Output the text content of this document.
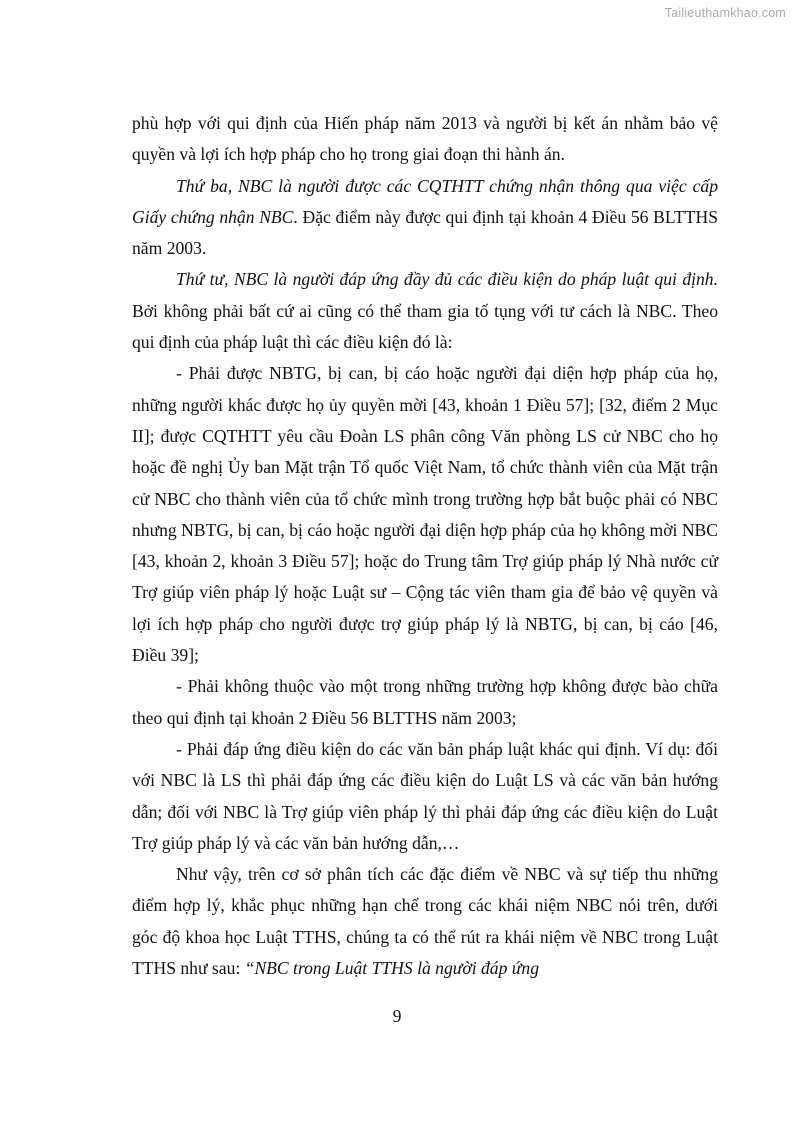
Tailieuthamkhao.com

phù hợp với qui định của Hiến pháp năm 2013 và người bị kết án nhằm bảo vệ quyền và lợi ích hợp pháp cho họ trong giai đoạn thi hành án.

Thứ ba, NBC là người được các CQTHTT chứng nhận thông qua việc cấp Giấy chứng nhận NBC. Đặc điểm này được qui định tại khoản 4 Điều 56 BLTTHS năm 2003.

Thứ tư, NBC là người đáp ứng đầy đủ các điều kiện do pháp luật qui định. Bởi không phải bất cứ ai cũng có thể tham gia tố tụng với tư cách là NBC. Theo qui định của pháp luật thì các điều kiện đó là:

- Phải được NBTG, bị can, bị cáo hoặc người đại diện hợp pháp của họ, những người khác được họ ủy quyền mời [43, khoản 1 Điều 57]; [32, điểm 2 Mục II]; được CQTHTT yêu cầu Đoàn LS phân công Văn phòng LS cử NBC cho họ hoặc đề nghị Ủy ban Mặt trận Tổ quốc Việt Nam, tổ chức thành viên của Mặt trận cử NBC cho thành viên của tổ chức mình trong trường hợp bắt buộc phải có NBC nhưng NBTG, bị can, bị cáo hoặc người đại diện hợp pháp của họ không mời NBC [43, khoản 2, khoản 3 Điều 57]; hoặc do Trung tâm Trợ giúp pháp lý Nhà nước cử Trợ giúp viên pháp lý hoặc Luật sư – Cộng tác viên tham gia để bảo vệ quyền và lợi ích hợp pháp cho người được trợ giúp pháp lý là NBTG, bị can, bị cáo [46, Điều 39];

- Phải không thuộc vào một trong những trường hợp không được bào chữa theo qui định tại khoản 2 Điều 56 BLTTHS năm 2003;

- Phải đáp ứng điều kiện do các văn bản pháp luật khác qui định. Ví dụ: đối với NBC là LS thì phải đáp ứng các điều kiện do Luật LS và các văn bản hướng dẫn; đối với NBC là Trợ giúp viên pháp lý thì phải đáp ứng các điều kiện do Luật Trợ giúp pháp lý và các văn bản hướng dẫn,…

Như vậy, trên cơ sở phân tích các đặc điểm về NBC và sự tiếp thu những điểm hợp lý, khắc phục những hạn chế trong các khái niệm NBC nói trên, dưới góc độ khoa học Luật TTHS, chúng ta có thể rút ra khái niệm về NBC trong Luật TTHS như sau: “NBC trong Luật TTHS là người đáp ứng

9
